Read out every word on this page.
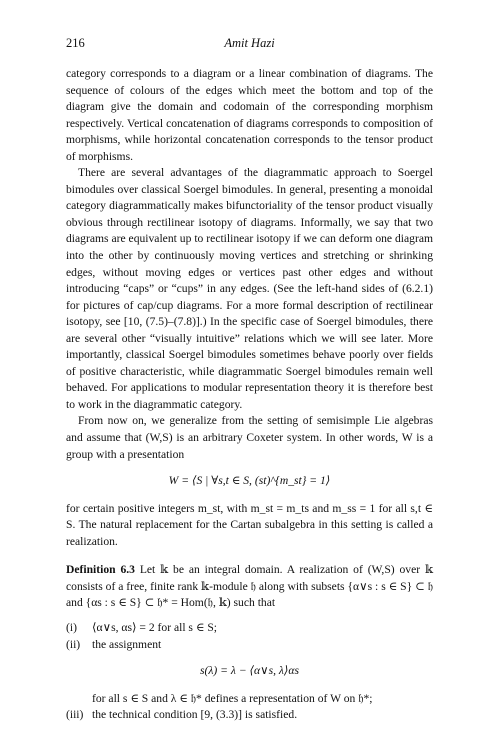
216	Amit Hazi

category corresponds to a diagram or a linear combination of diagrams. The sequence of colours of the edges which meet the bottom and top of the diagram give the domain and codomain of the corresponding morphism respectively. Vertical concatenation of diagrams corresponds to composition of morphisms, while horizontal concatenation corresponds to the tensor product of morphisms.

There are several advantages of the diagrammatic approach to Soergel bimodules over classical Soergel bimodules. In general, presenting a monoidal category diagrammatically makes bifunctoriality of the tensor product visually obvious through rectilinear isotopy of diagrams. Informally, we say that two diagrams are equivalent up to rectilinear isotopy if we can deform one diagram into the other by continuously moving vertices and stretching or shrinking edges, without moving edges or vertices past other edges and without introducing “caps” or “cups” in any edges. (See the left-hand sides of (6.2.1) for pictures of cap/cup diagrams. For a more formal description of rectilinear isotopy, see [10, (7.5)–(7.8)].) In the specific case of Soergel bimodules, there are several other “visually intuitive” relations which we will see later. More importantly, classical Soergel bimodules sometimes behave poorly over fields of positive characteristic, while diagrammatic Soergel bimodules remain well behaved. For applications to modular representation theory it is therefore best to work in the diagrammatic category.

From now on, we generalize from the setting of semisimple Lie algebras and assume that (W,S) is an arbitrary Coxeter system. In other words, W is a group with a presentation

W = ⟨S | ∀s,t ∈ S, (st)^{m_st} = 1⟩

for certain positive integers m_st, with m_st = m_ts and m_ss = 1 for all s,t ∈ S. The natural replacement for the Cartan subalgebra in this setting is called a realization.

Definition 6.3 Let 𝕜 be an integral domain. A realization of (W,S) over 𝕜 consists of a free, finite rank 𝕜-module 𝔥 along with subsets {α∨s : s ∈ S} ⊂ 𝔥 and {αs : s ∈ S} ⊂ 𝔥* = Hom(𝔥, 𝕜) such that

(i)	⟨α∨s, αs⟩ = 2 for all s ∈ S;
(ii)	the assignment
s(λ) = λ − ⟨α∨s, λ⟩αs

for all s ∈ S and λ ∈ 𝔥* defines a representation of W on 𝔥*;

(iii) the technical condition [9, (3.3)] is satisfied.
